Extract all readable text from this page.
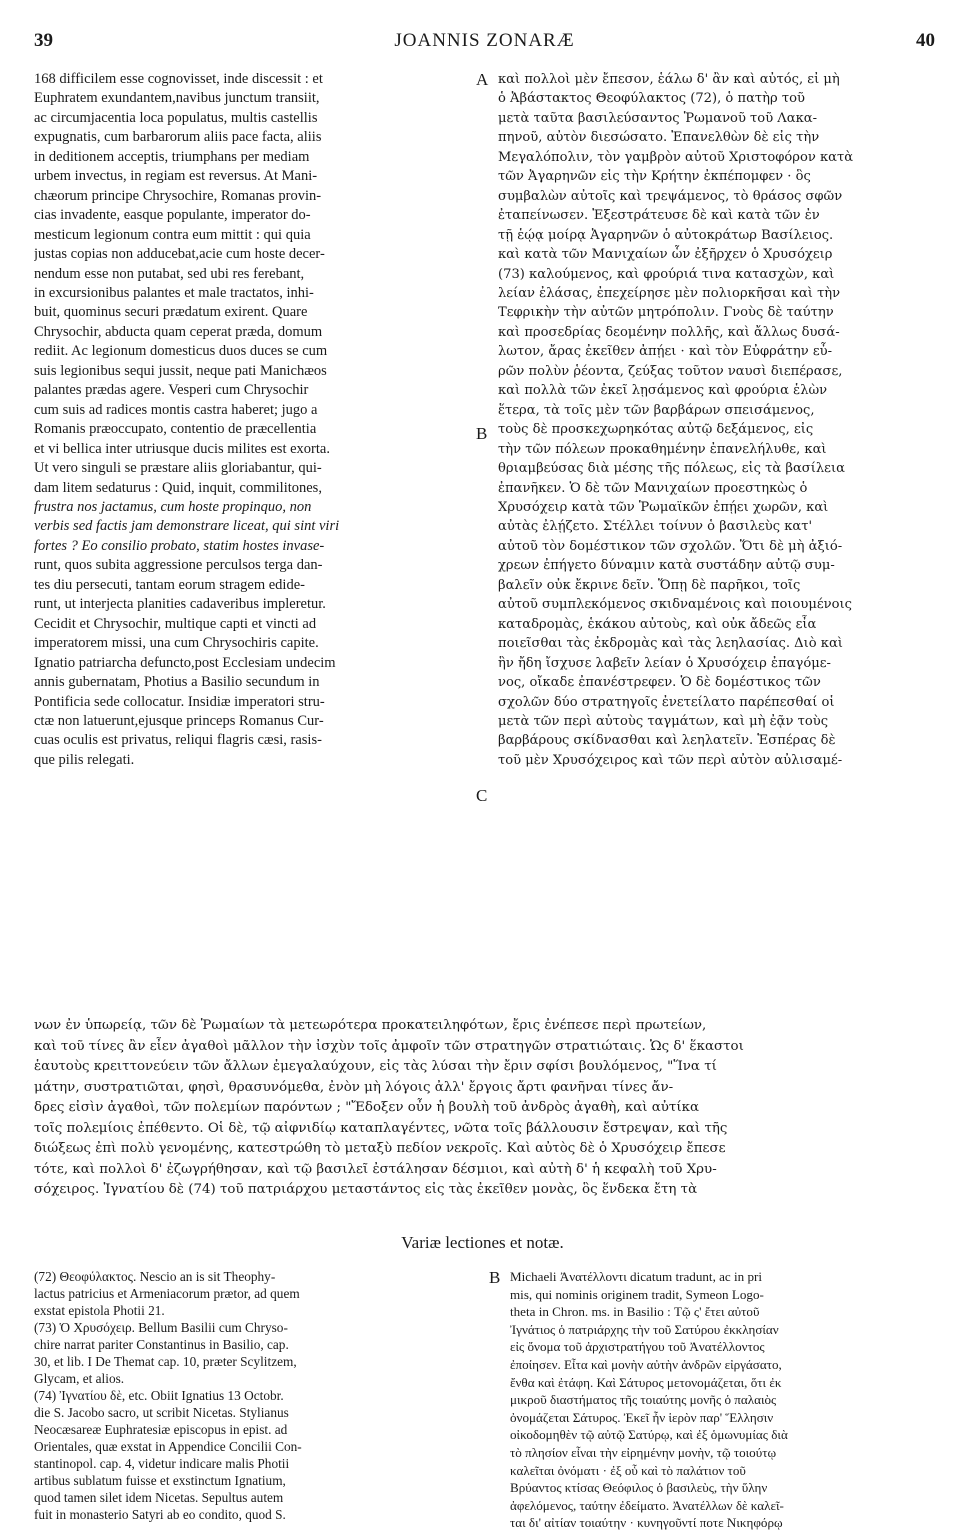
39	JOANNIS ZONARÆ	40
A
B
C
B
168 difficilem esse cognovisset, inde discessit : et
Euphratem exundantem,navibus junctum transiit,
ac circumjacentia loca populatus, multis castellis
expugnatis, cum barbarorum aliis pace facta, aliis
in deditionem acceptis, triumphans per mediam
urbem invectus, in regiam est reversus. At Mani-
chæorum principe Chrysochire, Romanas provin-
cias invadente, easque populante, imperator do-
mesticum legionum contra eum mittit : qui quia
justas copias non adducebat,acie cum hoste decer-
nendum esse non putabat, sed ubi res ferebant,
in excursionibus palantes et male tractatos, inhi-
buit, quominus securi prædatum exirent. Quare
Chrysochir, abducta quam ceperat præda, domum
rediit. Ac legionum domesticus duos duces se cum
suis legionibus sequi jussit, neque pati Manichæos
palantes prædas agere. Vesperi cum Chrysochir
cum suis ad radices montis castra haberet; jugo a
Romanis præoccupato, contentio de præcellentia
et vi bellica inter utriusque ducis milites est exorta.
Ut vero singuli se præstare aliis gloriabantur, qui-
dam litem sedaturus : Quid, inquit, commilitones,
frustra nos jactamus, cum hoste propinquo, non
verbis sed factis jam demonstrare liceat, qui sint viri
fortes ? Eo consilio probato, statim hostes invase-
runt, quos subita aggressione perculsos terga dan-
tes diu persecuti, tantam eorum stragem edide-
runt, ut interjecta planities cadaveribus impleretur.
Cecidit et Chrysochir, multique capti et vincti ad
imperatorem missi, una cum Chrysochiris capite.
Ignatio patriarcha defuncto,post Ecclesiam undecim
annis gubernatam, Photius a Basilio secundum in
Pontificia sede collocatur. Insidiæ imperatori stru-
ctæ non latuerunt,ejusque princeps Romanus Cur-
cuas oculis est privatus, reliqui flagris cæsi, rasis-
que pilis relegati.
καὶ πολλοὶ μὲν ἔπεσον, ἑάλω δ' ἂν καὶ αὐτός, εἰ μὴ
ὁ Ἀβάστακτος Θεοφύλακτος (72), ὁ πατὴρ τοῦ
μετὰ ταῦτα βασιλεύσαντος Ῥωμανοῦ τοῦ Λακα-
πηνοῦ, αὐτὸν διεσώσατο. Ἐπανελθὼν δὲ εἰς τὴν
Μεγαλόπολιν, τὸν γαμβρὸν αὐτοῦ Χριστοφόρον κατὰ
τῶν Ἀγαρηνῶν εἰς τὴν Κρήτην ἐκπέπομφεν · ὃς
συμβαλὼν αὐτοῖς καὶ τρεψάμενος, τὸ θράσος σφῶν
ἐταπείνωσεν. Ἐξεστράτευσε δὲ καὶ κατὰ τῶν ἐν
τῇ ἑῴᾳ μοίρᾳ Ἀγαρηνῶν ὁ αὐτοκράτωρ Βασίλειος.
καὶ κατὰ τῶν Μανιχαίων ὧν ἐξῆρχεν ὁ Χρυσόχειρ
(73) καλούμενος, καὶ φρούριά τινα κατασχὼν, καὶ
λείαν ἐλάσας, ἐπεχείρησε μὲν πολιορκῆσαι καὶ τὴν
Τεφρικὴν τὴν αὐτῶν μητρόπολιν. Γνοὺς δὲ ταύτην
καὶ προσεδρίας δεομένην πολλῆς, καὶ ἄλλως δυσά-
λωτον, ἄρας ἐκεῖθεν ἀπῄει · καὶ τὸν Εὐφράτην εὖ-
ρῶν πολὺν ῥέοντα, ζεύξας τοῦτον ναυσὶ διεπέρασε,
καὶ πολλὰ τῶν ἐκεῖ λῃσάμενος καὶ φρούρια ἑλὼν
ἕτερα, τὰ τοῖς μὲν τῶν βαρβάρων σπεισάμενος,
τοὺς δὲ προσκεχωρηκότας αὐτῷ δεξάμενος, εἰς
τὴν τῶν πόλεων προκαθημένην ἐπανελήλυθε, καὶ
θριαμβεύσας διὰ μέσης τῆς πόλεως, εἰς τὰ βασίλεια
ἐπανῆκεν. Ὁ δὲ τῶν Μανιχαίων προεστηκὼς ὁ
Χρυσόχειρ κατὰ τῶν Ῥωμαϊκῶν ἐπῄει χωρῶν, καὶ
αὐτὰς ἐλῄζετο. Στέλλει τοίνυν ὁ βασιλεὺς κατ'
αὐτοῦ τὸν δομέστικον τῶν σχολῶν. Ὅτι δὲ μὴ ἀξιό-
χρεων ἐπήγετο δύναμιν κατὰ συστάδην αὐτῷ συμ-
βαλεῖν οὐκ ἔκρινε δεῖν. Ὅπῃ δὲ παρῆκοι, τοῖς
αὐτοῦ συμπλεκόμενος σκιδναμένοις καὶ ποιουμένοις
καταδρομὰς, ἑκάκου αὐτοὺς, καὶ οὐκ ἄδεῶς εἶα
ποιεῖσθαι τὰς ἐκδρομὰς καὶ τὰς λεηλασίας. Διὸ καὶ
ἣν ἤδη ἴσχυσε λαβεῖν λείαν ὁ Χρυσόχειρ ἐπαγόμε-
νος, οἴκαδε ἐπανέστρεφεν. Ὁ δὲ δομέστικος τῶν
σχολῶν δύο στρατηγοῖς ἐνετείλατο παρέπεσθαί οἱ
μετὰ τῶν περὶ αὐτοὺς ταγμάτων, καὶ μὴ ἐᾷν τοὺς
βαρβάρους σκίδνασθαι καὶ λεηλατεῖν. Ἑσπέρας δὲ
τοῦ μὲν Χρυσόχειρος καὶ τῶν περὶ αὐτὸν αὐλισαμέ-
νων ἐν ὑπωρείᾳ, τῶν δὲ Ῥωμαίων τὰ μετεωρότερα προκατειληφότων, ἔρις ἐνέπεσε περὶ πρωτείων,
καὶ τοῦ τίνες ἂν εἶεν ἀγαθοὶ μᾶλλον τὴν ἰσχὺν τοῖς ἀμφοῖν τῶν στρατηγῶν στρατιώταις. Ὡς δ' ἕκαστοι
ἑαυτοὺς κρειττονεύειν τῶν ἄλλων ἐμεγαλαύχουν, εἰς τὰς λύσαι τὴν ἔριν σφίσι βουλόμενος, "Ἵνα τί
μάτην, συστρατιῶται, φησὶ, θρασυνόμεθα, ἐνὸν μὴ λόγοις ἀλλ' ἔργοις ἄρτι φανῆναι τίνες ἄν-
δρες εἰσὶν ἀγαθοὶ, τῶν πολεμίων παρόντων ; "Ἔδοξεν οὖν ἡ βουλὴ τοῦ ἀνδρὸς ἀγαθὴ, καὶ αὐτίκα
τοῖς πολεμίοις ἐπέθεντο. Οἱ δὲ, τῷ αἰφνιδίῳ καταπλαγέντες, νῶτα τοῖς βάλλουσιν ἔστρεψαν, καὶ τῆς
διώξεως ἐπὶ πολὺ γενομένης, κατεστρώθη τὸ μεταξὺ πεδίον νεκροῖς. Καὶ αὐτὸς δὲ ὁ Χρυσόχειρ ἔπεσε
τότε, καὶ πολλοὶ δ' ἐζωγρήθησαν, καὶ τῷ βασιλεῖ ἐστάλησαν δέσμιοι, καὶ αὐτὴ δ' ἡ κεφαλὴ τοῦ Χρυ-
σόχειρος. Ἰγνατίου δὲ (74) τοῦ πατριάρχου μεταστάντος εἰς τὰς ἐκεῖθεν μονὰς, ὃς ἕνδεκα ἔτη τὰ
Variæ lectiones et notæ.
(72) Θεοφύλακτος. Nescio an is sit Theophy-
lactus patricius et Armeniacorum prætor, ad quem
exstat epistola Photii 21.
(73) Ὁ Χρυσόχειρ. Bellum Basilii cum Chryso-
chire narrat pariter Constantinus in Basilio, cap.
30, et lib. I De Themat cap. 10, præter Scylitzem,
Glycam, et alios.
(74) Ἰγνατίου δὲ, etc. Obiit Ignatius 13 Octobr.
die S. Jacobo sacro, ut scribit Nicetas. Stylianus
Neocæsareæ Euphratesiæ episcopus in epist. ad
Orientales, quæ exstat in Appendice Concilii Con-
stantinopol. cap. 4, videtur indicare malis Photii
artibus sublatum fuisse et exstinctum Ignatium,
quod tamen silet idem Nicetas. Sepultus autem
fuit in monasterio Satyri ab eo condito, quod S.
Michaeli Ἀνατέλλοντι dicatum tradunt, ac in pri
mis, qui nominis originem tradit, Symeon Logo-
theta in Chron. ms. in Basilio : Τῷ ς' ἔτει αὐτοῦ
Ἰγνάτιος ὁ πατριάρχης τὴν τοῦ Σατύρου ἐκκλησίαν
εἰς ὄνομα τοῦ ἀρχιστρατήγου τοῦ Ἀνατέλλοντος
ἐποίησεν. Εἶτα καὶ μονὴν αὐτὴν ἀνδρῶν εἰργάσατο,
ἔνθα καὶ ἐτάφη. Καὶ Σάτυρος μετονομάζεται, ὅτι ἐκ
μικροῦ διαστήματος τῆς τοιαύτης μονῆς ὁ παλαιὸς
ὀνομάζεται Σάτυρος. Ἐκεῖ ἦν ἱερὸν παρ' Ἕλλησιν
οἰκοδομηθὲν τῷ αὐτῷ Σατύρῳ, καὶ ἐξ ὁμωνυμίας διὰ
τὸ πλησίον εἶναι τὴν εἰρημένην μονὴν, τῷ τοιούτῳ
καλεῖται ὀνόματι · ἐξ οὗ καὶ τὸ παλάτιον τοῦ
Βρύαντος κτίσας Θεόφιλος ὁ βασιλεὺς, τὴν ὕλην
ἀφελόμενος, ταύτην ἐδείματο. Ἀνατέλλων δὲ καλεῖ-
ται δι' αἰτίαν τοιαύτην · κυνηγοῦντί ποτε Νικηφόρῳ
